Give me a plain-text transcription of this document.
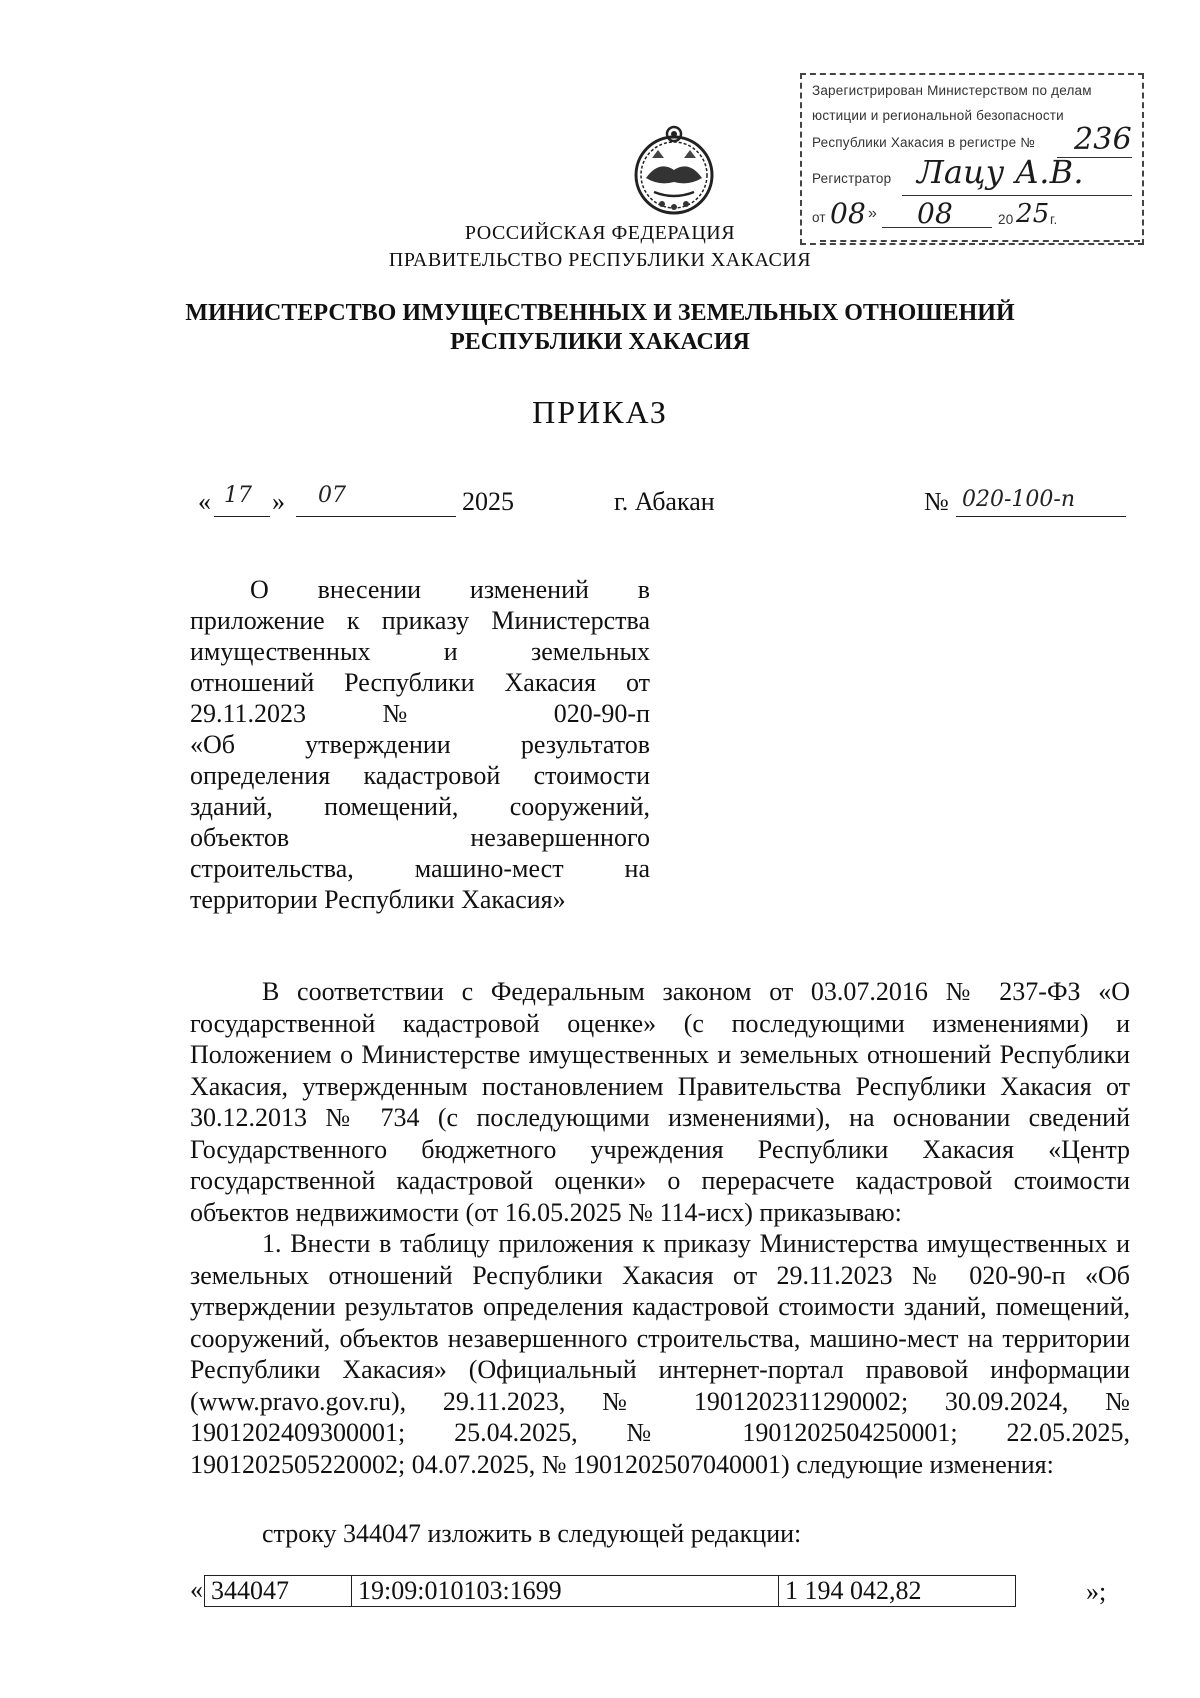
Зарегистрирован Министерством по делам
юстиции и региональной безопасности
Республики Хакасия в регистре № 236
Регистратор Лацу А.В.
от 08 » 08	20 25 г.
РОССИЙСКАЯ ФЕДЕРАЦИЯ
ПРАВИТЕЛЬСТВО РЕСПУБЛИКИ ХАКАСИЯ
МИНИСТЕРСТВО ИМУЩЕСТВЕННЫХ И ЗЕМЕЛЬНЫХ ОТНОШЕНИЙ
РЕСПУБЛИКИ ХАКАСИЯ
ПРИКАЗ
« 17 » 07	2025	г. Абакан	№ 020-100-п

О внесении изменений в

приложение к приказу Министерства

имущественных и земельных

отношений Республики Хакасия от

29.11.2023 № 020-90-п

«Об утверждении результатов

определения кадастровой стоимости

зданий, помещений, сооружений,

объектов незавершенного

строительства, машино-мест на

территории Республики Хакасия»

В соответствии с Федеральным законом от 03.07.2016 № 237-ФЗ «О государственной кадастровой оценке» (с последующими изменениями) и Положением о Министерстве имущественных и земельных отношений Республики Хакасия, утвержденным постановлением Правительства Республики Хакасия от 30.12.2013 № 734 (с последующими изменениями), на основании сведений Государственного бюджетного учреждения Республики Хакасия «Центр государственной кадастровой оценки» о перерасчете кадастровой стоимости объектов недвижимости (от 16.05.2025 № 114-исх) приказываю:

1. Внести в таблицу приложения к приказу Министерства имущественных и земельных отношений Республики Хакасия от 29.11.2023 № 020-90-п «Об утверждении результатов определения кадастровой стоимости зданий, помещений, сооружений, объектов незавершенного строительства, машино-мест на территории Республики Хакасия» (Официальный интернет-портал правовой информации (www.pravo.gov.ru), 29.11.2023, № 1901202311290002; 30.09.2024, № 1901202409300001; 25.04.2025, № 1901202504250001; 22.05.2025, 1901202505220002; 04.07.2025, № 1901202507040001) следующие изменения:

строку 344047 изложить в следующей редакции:

« 344047	19:09:010103:1699	1 194 042,82	»;
